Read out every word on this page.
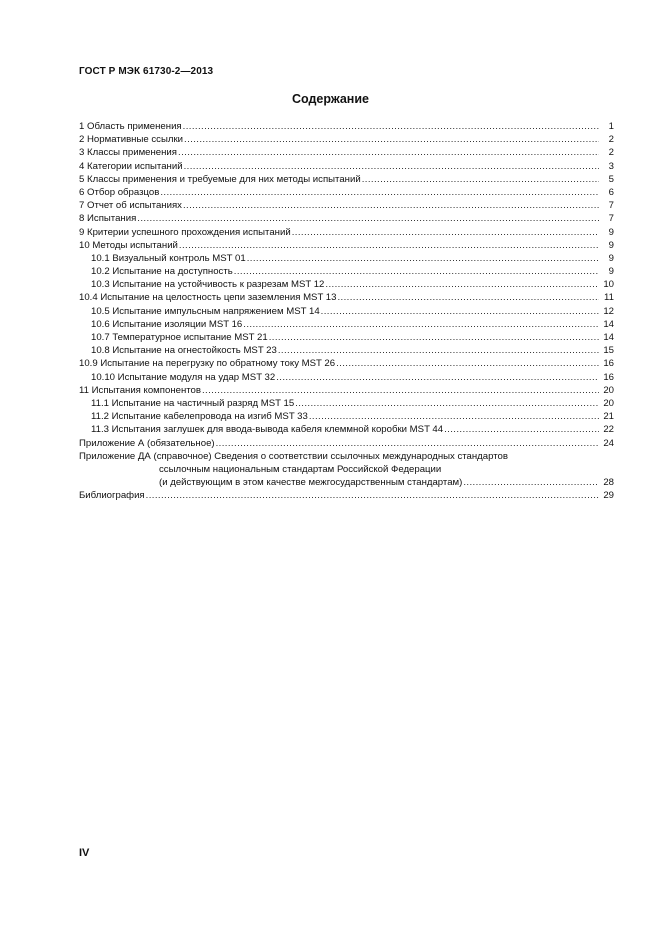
ГОСТ Р МЭК 61730-2—2013
Содержание
1 Область применения .....	1
2 Нормативные ссылки .....	2
3 Классы применения .....	2
4 Категории испытаний .....	3
5 Классы применения и требуемые для них методы испытаний .....	5
6 Отбор образцов .....	6
7 Отчет об испытаниях .....	7
8 Испытания .....	7
9 Критерии успешного прохождения испытаний .....	9
10 Методы испытаний .....	9
10.1 Визуальный контроль MST 01 .....	9
10.2 Испытание на доступность .....	9
10.3 Испытание на устойчивость к разрезам MST 12 .....	10
10.4 Испытание на целостность цепи заземления MST 13 .....	11
10.5 Испытание импульсным напряжением MST 14 .....	12
10.6 Испытание изоляции MST 16 .....	14
10.7 Температурное испытание MST 21 .....	14
10.8 Испытание на огнестойкость MST 23 .....	15
10.9 Испытание на перегрузку по обратному току MST 26 .....	16
10.10 Испытание модуля на удар MST 32 .....	16
11 Испытания компонентов .....	20
11.1 Испытание на частичный разряд MST 15 .....	20
11.2 Испытание кабелепровода на изгиб MST 33 .....	21
11.3 Испытания заглушек для ввода-вывода кабеля клеммной коробки MST 44 .....	22
Приложение А (обязательное) .....	24
Приложение ДА (справочное) Сведения о соответствии ссылочных международных стандартов
ссылочным национальным стандартам Российской Федерации
(и действующим в этом качестве межгосударственным стандартам) .....	28
Библиография .....	29
IV
